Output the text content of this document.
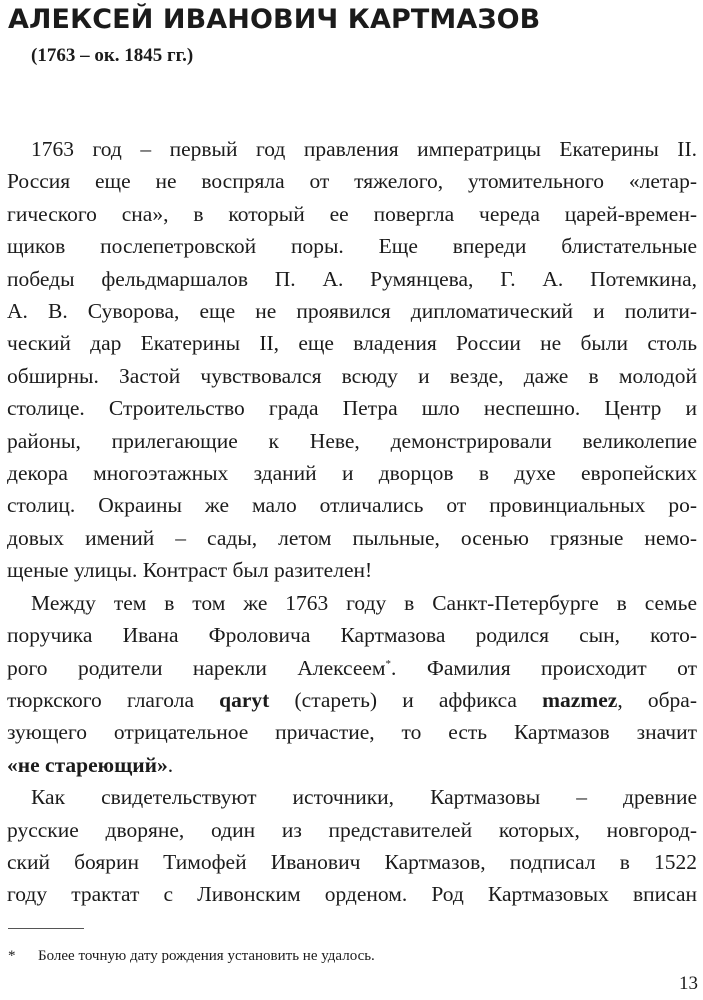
АЛЕКСЕЙ ИВАНОВИЧ КАРТМАЗОВ

(1763 – ок. 1845 гг.)

1763 год – первый год правления императрицы Екатерины II.
Россия еще не воспряла от тяжелого, утомительного «летар-
гического сна», в который ее повергла череда царей-времен-
щиков послепетровской поры. Еще впереди блистательные
победы фельдмаршалов П. А. Румянцева, Г. А. Потемкина,
А. В. Суворова, еще не проявился дипломатический и полити-
ческий дар Екатерины II, еще владения России не были столь
обширны. Застой чувствовался всюду и везде, даже в молодой
столице. Строительство града Петра шло неспешно. Центр и
районы, прилегающие к Неве, демонстрировали великолепие
декора многоэтажных зданий и дворцов в духе европейских
столиц. Окраины же мало отличались от провинциальных ро-
довых имений – сады, летом пыльные, осенью грязные немо-
щеные улицы. Контраст был разителен!

Между тем в том же 1763 году в Санкт-Петербурге в семье
поручика Ивана Фроловича Картмазова родился сын, кото-
рого родители нарекли Алексеем*. Фамилия происходит от
тюркского глагола qaryt (стареть) и аффикса mazmez, обра-
зующего отрицательное причастие, то есть Картмазов значит
«не стареющий».

Как свидетельствуют источники, Картмазовы – древние
русские дворяне, один из представителей которых, новгород-
ский боярин Тимофей Иванович Картмазов, подписал в 1522
году трактат с Ливонским орденом. Род Картмазовых вписан

* Более точную дату рождения установить не удалось.
13
